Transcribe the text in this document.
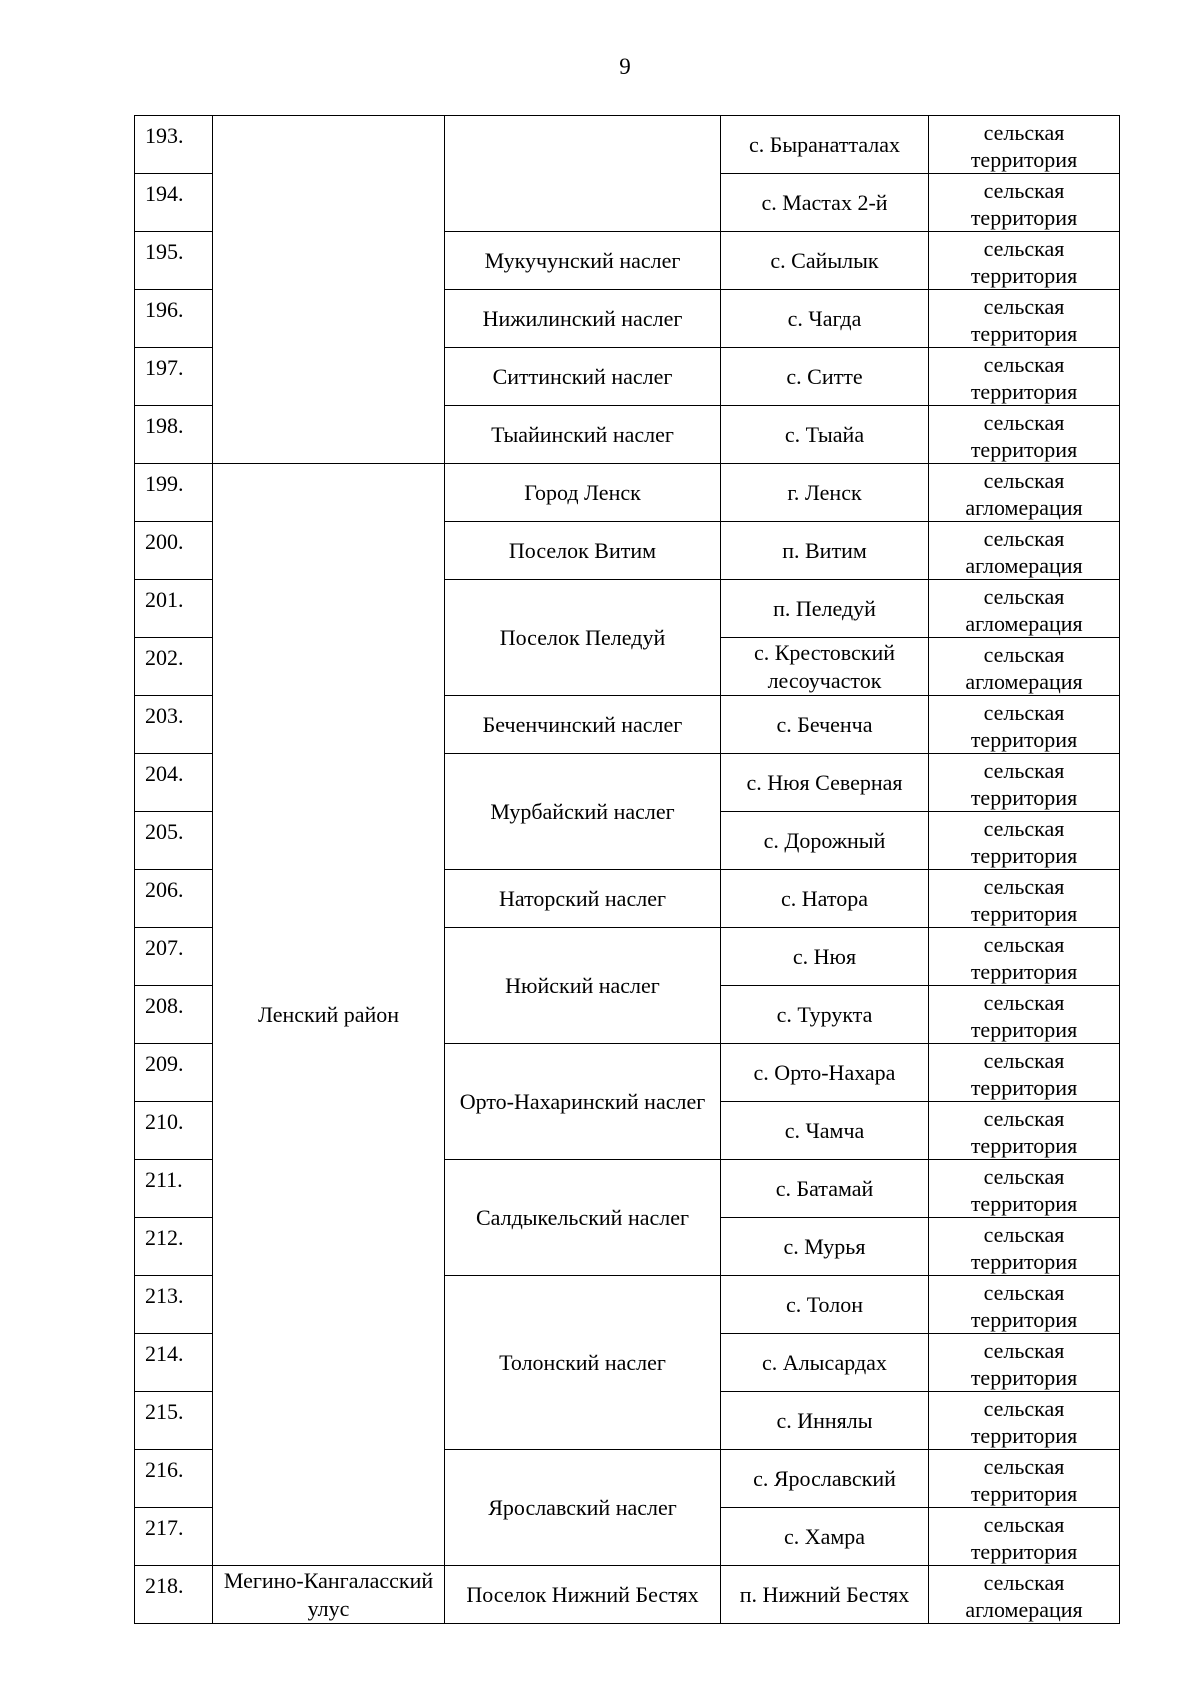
9
193.			с. Быранатталах	сельская территория
194.			с. Мастах 2-й	сельская территория
195.		Мукучунский наслег	с. Сайылык	сельская территория
196.		Нижилинский наслег	с. Чагда	сельская территория
197.		Ситтинский наслег	с. Ситте	сельская территория
198.		Тыайинский наслег	с. Тыайа	сельская территория
199.	Ленский район	Город Ленск	г. Ленск	сельская агломерация
200.		Поселок Витим	п. Витим	сельская агломерация
201.		Поселок Пеледуй	п. Пеледуй	сельская агломерация
202.			с. Крестовский лесоучасток	сельская агломерация
203.		Беченчинский наслег	с. Беченча	сельская территория
204.		Мурбайский наслег	с. Нюя Северная	сельская территория
205.			с. Дорожный	сельская территория
206.		Наторский наслег	с. Натора	сельская территория
207.		Нюйский наслег	с. Нюя	сельская территория
208.			с. Турукта	сельская территория
209.		Орто-Нахаринский наслег	с. Орто-Нахара	сельская территория
210.			с. Чамча	сельская территория
211.		Салдыкельский наслег	с. Батамай	сельская территория
212.			с. Мурья	сельская территория
213.		Толонский наслег	с. Толон	сельская территория
214.			с. Алысардах	сельская территория
215.			с. Иннялы	сельская территория
216.		Ярославский наслег	с. Ярославский	сельская территория
217.			с. Хамра	сельская территория
218.	Мегино-Кангаласский улус	Поселок Нижний Бестях	п. Нижний Бестях	сельская агломерация
